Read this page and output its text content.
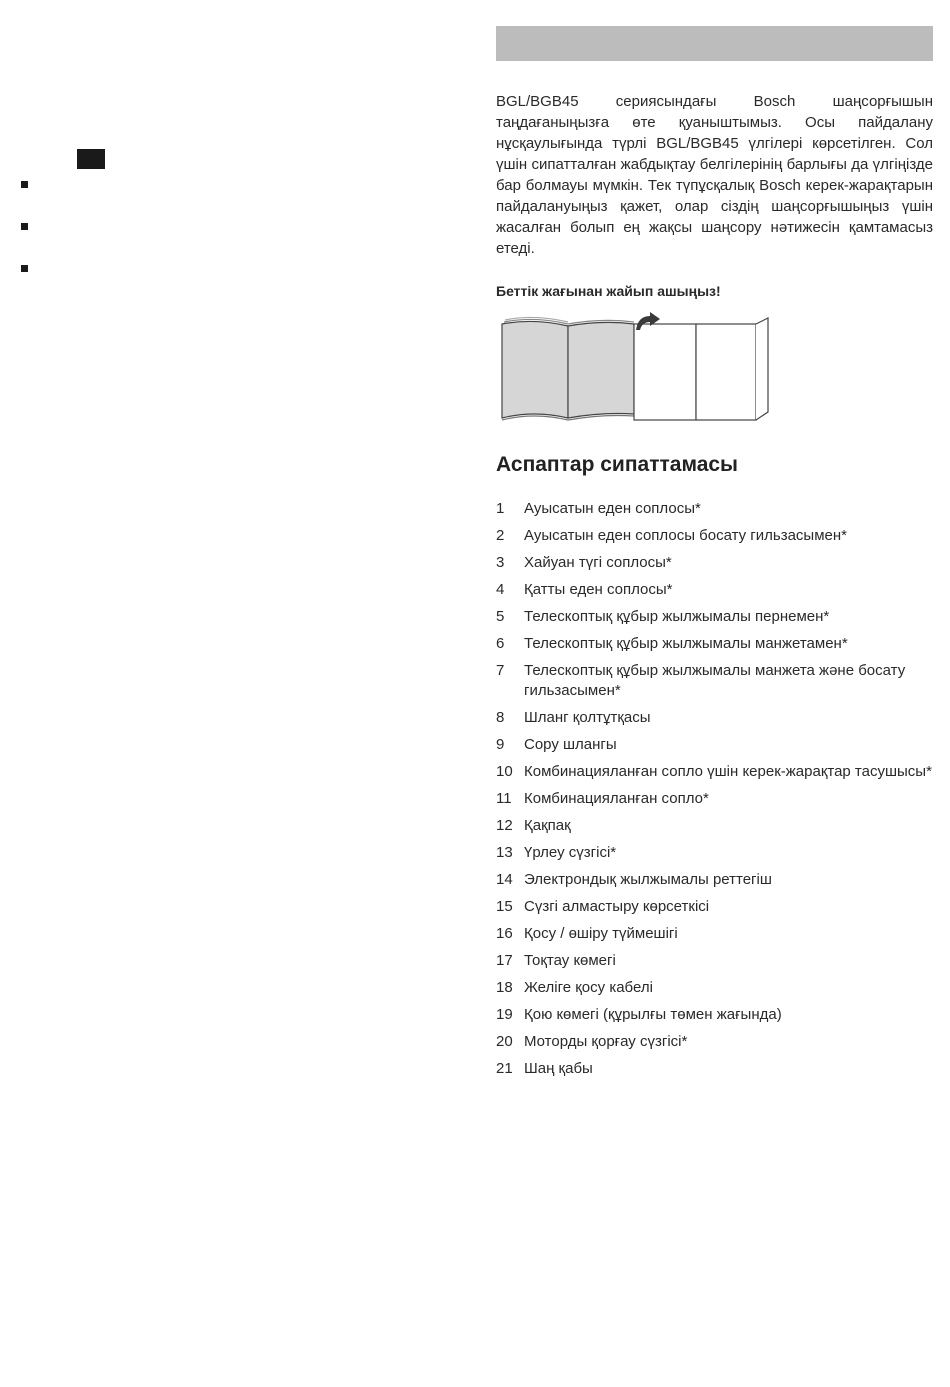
BGL/BGB45 сериясындағы Bosch шаңсорғышын таңдағаныңызға өте қуаныштымыз. Осы пайдалану нұсқаулығында түрлі BGL/BGB45 үлгілері көрсетілген. Сол үшін сипатталған жабдықтау белгілерінің барлығы да үлгіңізде бар болмауы мүмкін. Тек түпұсқалық Bosch керек-жарақтарын пайдалануыңыз қажет, олар сіздің шаңсорғышыңыз үшін жасалған болып ең жақсы шаңсору нәтижесін қамтамасыз етеді.

Беттік жағынан жайып ашыңыз!

Аспаптар сипаттамасы
1	Ауысатын еден соплосы*
2	Ауысатын еден соплосы босату гильзасымен*
3	Хайуан түгі соплосы*
4	Қатты еден соплосы*
5	Телескоптық құбыр жылжымалы пернемен*
6	Телескоптық құбыр жылжымалы манжетамен*
7	Телескоптық құбыр жылжымалы манжета және босату гильзасымен*
8	Шланг қолтұтқасы
9	Сору шлангы
10 Комбинацияланған сопло үшін керек-жарақтар тасушысы*
11 Комбинацияланған сопло*
12 Қақпақ
13 Үрлеу сүзгісі*
14 Электрондық жылжымалы реттегіш
15 Сүзгі алмастыру көрсеткісі
16 Қосу / өшіру түймешігі
17 Тоқтау көмегі
18 Желіге қосу кабелі
19 Қою көмегі (құрылғы төмен жағында)
20 Моторды қорғау сүзгісі*
21 Шаң қабы
